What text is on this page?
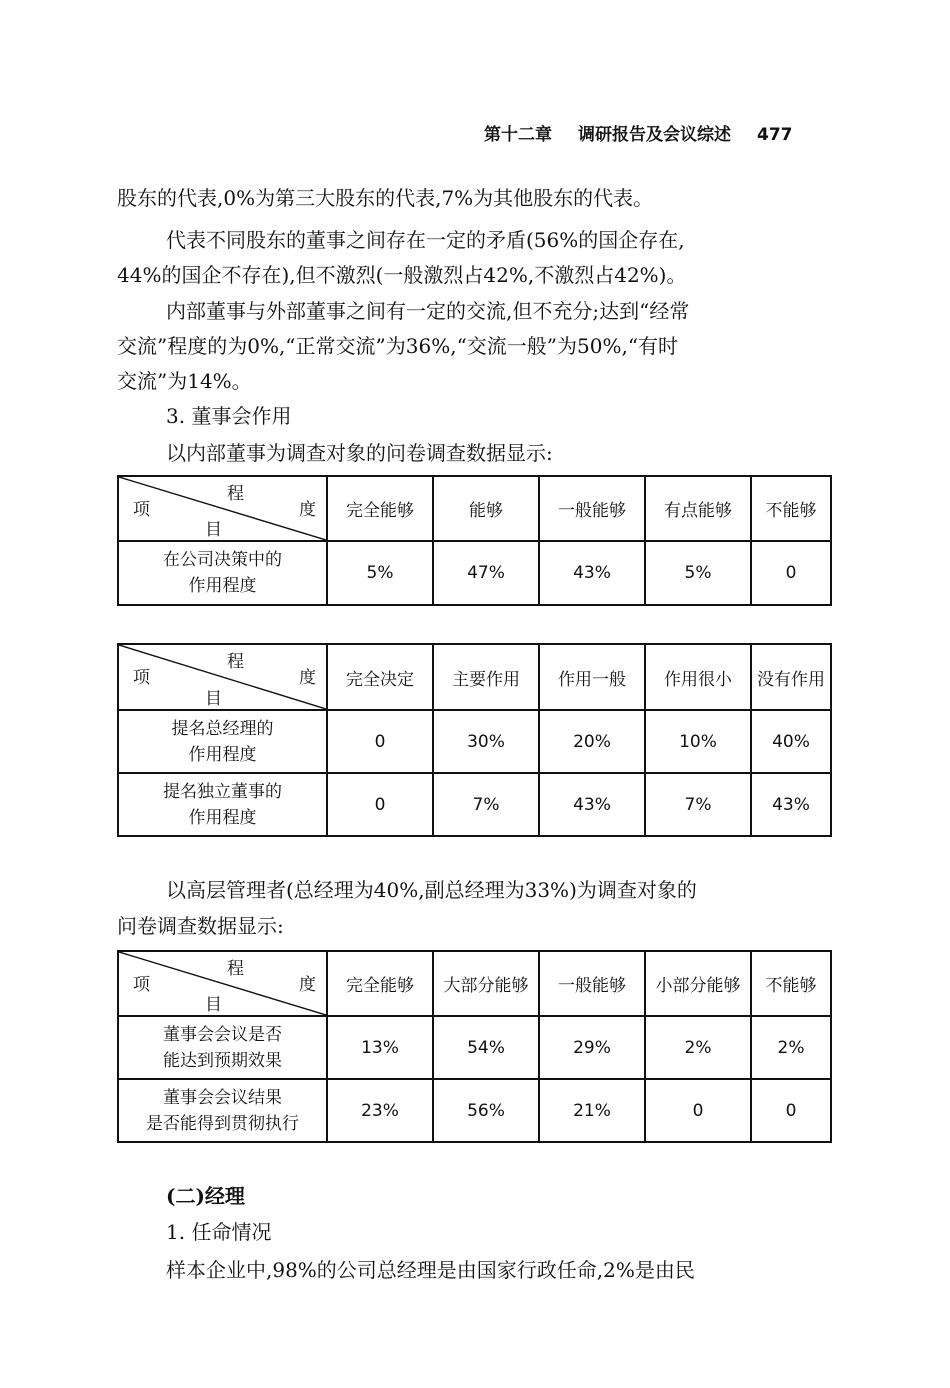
第十二章 调研报告及会议综述 477
股东的代表,0%为第三大股东的代表,7%为其他股东的代表。
代表不同股东的董事之间存在一定的矛盾(56%的国企存在,
44%的国企不存在),但不激烈(一般激烈占42%,不激烈占42%)。
内部董事与外部董事之间有一定的交流,但不充分;达到“经常
交流”程度的为0%,“正常交流”为36%,“交流一般”为50%,“有时
交流”为14%。
3. 董事会作用
以内部董事为调查对象的问卷调查数据显示:
程
项 度
目	完全能够	能够	一般能够	有点能够	不能够
在公司决策中的
作用程度	5%	47%	43%	5%	0
程
项 度
目	完全决定	主要作用	作用一般	作用很小	没有作用
提名总经理的
作用程度	0	30%	20%	10%	40%
提名独立董事的
作用程度	0	7%	43%	7%	43%
以高层管理者(总经理为40%,副总经理为33%)为调查对象的
问卷调查数据显示:
程
项 度
目	完全能够	大部分能够	一般能够	小部分能够	不能够
董事会会议是否
能达到预期效果	13%	54%	29%	2%	2%
董事会会议结果
是否能得到贯彻执行	23%	56%	21%	0	0
(二)经理
1. 任命情况
样本企业中,98%的公司总经理是由国家行政任命,2%是由民
